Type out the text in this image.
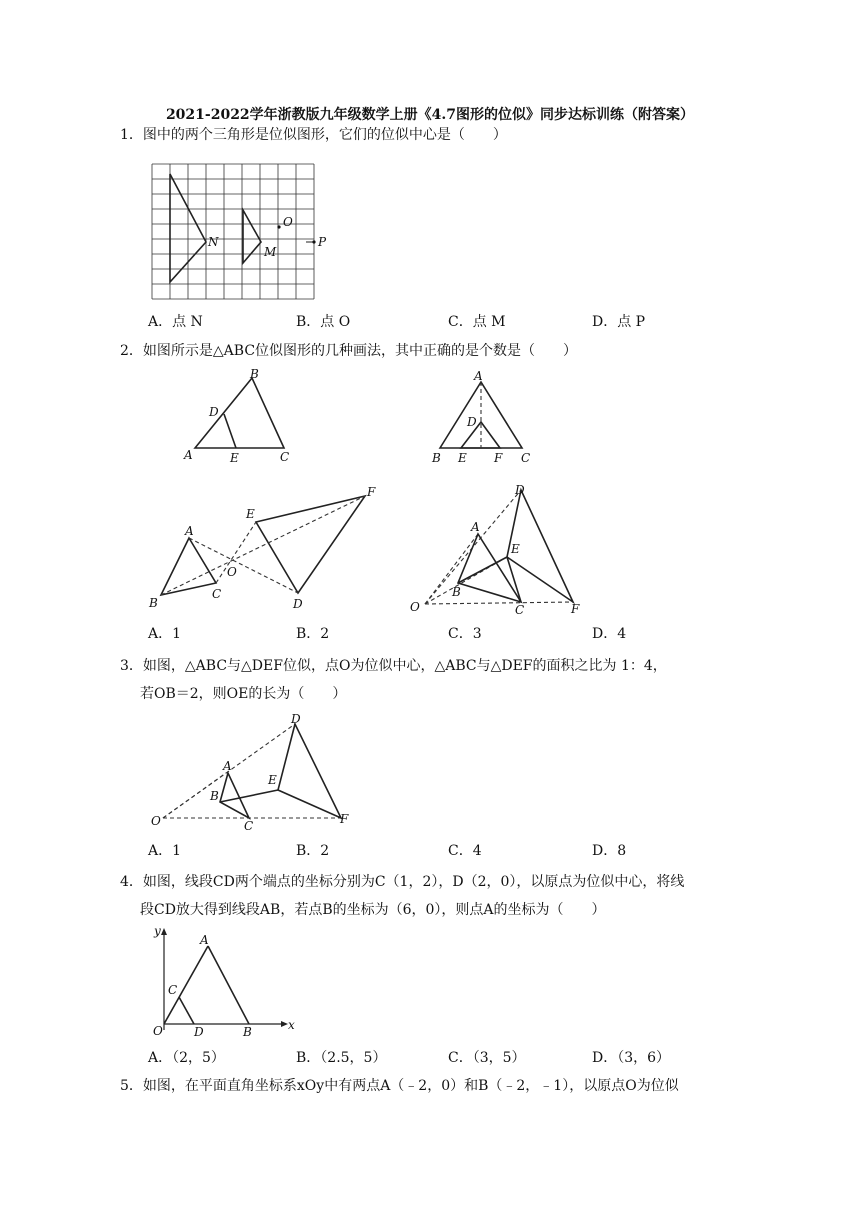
2021-2022学年浙教版九年级数学上册《4.7图形的位似》同步达标训练（附答案）
1．图中的两个三角形是位似图形，它们的位似中心是（　　）
N
O
M
P
A．点 N	B．点 O	C．点 M	D．点 P
2．如图所示是△ABC位似图形的几种画法，其中正确的是个数是（　　）
B
D
A	E	C
A
D
B E F C
A
B
C
O
E
F
D
A
D
E
B
C	F
O
A．1	B．2	C．3	D．4
3．如图，△ABC与△DEF位似，点O为位似中心，△ABC与△DEF的面积之比为 1：4，
若OB＝2，则OE的长为（　　）
A
B
C
D
E
F
O
A．1	B．2	C．4	D．8
4．如图，线段CD两个端点的坐标分别为C（1，2），D（2，0），以原点为位似中心，将线
段CD放大得到线段AB，若点B的坐标为（6，0），则点A的坐标为（　　）
y
x
A
C
O	D	B
A．（2，5）	B．（2.5，5）	C．（3，5）	D．（3，6）
5．如图，在平面直角坐标系xOy中有两点A（﹣2，0）和B（﹣2，﹣1），以原点O为位似
